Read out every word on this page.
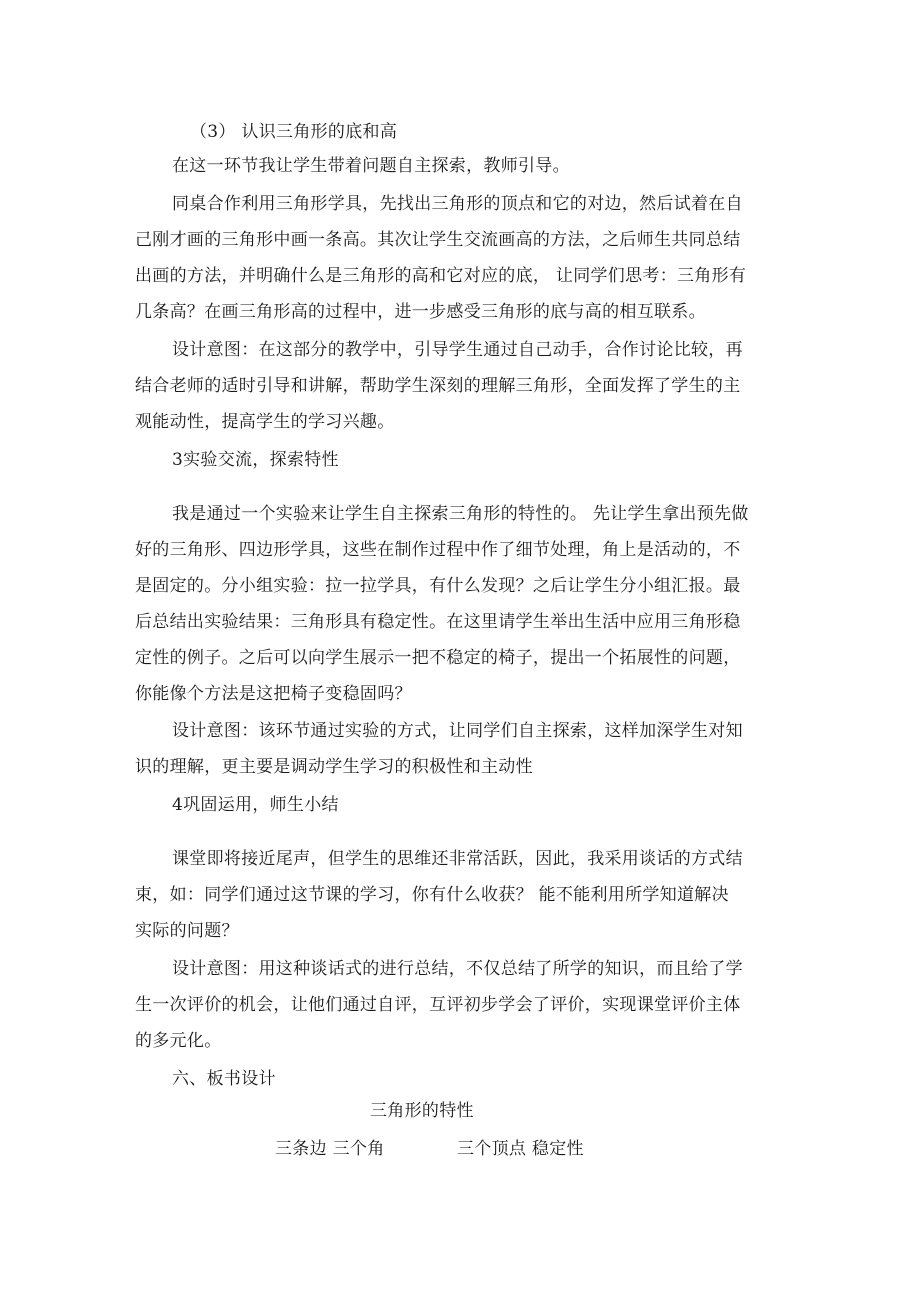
（3） 认识三角形的底和高
在这一环节我让学生带着问题自主探索，教师引导。
同桌合作利用三角形学具，先找出三角形的顶点和它的对边，然后试着在自
己刚才画的三角形中画一条高。其次让学生交流画高的方法，之后师生共同总结
出画的方法，并明确什么是三角形的高和它对应的底， 让同学们思考：三角形有
几条高？在画三角形高的过程中，进一步感受三角形的底与高的相互联系。
设计意图：在这部分的教学中，引导学生通过自己动手，合作讨论比较，再
结合老师的适时引导和讲解，帮助学生深刻的理解三角形，全面发挥了学生的主
观能动性，提高学生的学习兴趣。
3实验交流，探索特性
我是通过一个实验来让学生自主探索三角形的特性的。 先让学生拿出预先做
好的三角形、四边形学具，这些在制作过程中作了细节处理，角上是活动的，不
是固定的。分小组实验：拉一拉学具，有什么发现？之后让学生分小组汇报。最
后总结出实验结果：三角形具有稳定性。在这里请学生举出生活中应用三角形稳
定性的例子。之后可以向学生展示一把不稳定的椅子，提出一个拓展性的问题，
你能像个方法是这把椅子变稳固吗？
设计意图：该环节通过实验的方式，让同学们自主探索，这样加深学生对知
识的理解，更主要是调动学生学习的积极性和主动性
4巩固运用，师生小结
课堂即将接近尾声，但学生的思维还非常活跃，因此，我采用谈话的方式结
束，如：同学们通过这节课的学习，你有什么收获？ 能不能利用所学知道解决
实际的问题？
设计意图：用这种谈话式的进行总结，不仅总结了所学的知识，而且给了学
生一次评价的机会，让他们通过自评，互评初步学会了评价，实现课堂评价主体
的多元化。
六、板书设计
三角形的特性
三条边 三个角	三个顶点 稳定性
